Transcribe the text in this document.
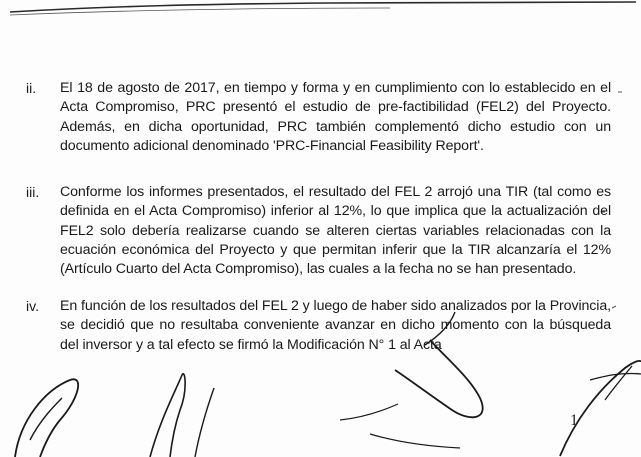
ii.	El 18 de agosto de 2017, en tiempo y forma y en cumplimiento con lo establecido en el Acta Compromiso, PRC presentó el estudio de pre-factibilidad (FEL2) del Proyecto. Además, en dicha oportunidad, PRC también complementó dicho estudio con un documento adicional denominado 'PRC-Financial Feasibility Report'.
iii.	Conforme los informes presentados, el resultado del FEL 2 arrojó una TIR (tal como es definida en el Acta Compromiso) inferior al 12%, lo que implica que la actualización del FEL2 solo debería realizarse cuando se alteren ciertas variables relacionadas con la ecuación económica del Proyecto y que permitan inferir que la TIR alcanzaría el 12% (Artículo Cuarto del Acta Compromiso), las cuales a la fecha no se han presentado.
iv.	En función de los resultados del FEL 2 y luego de haber sido analizados por la Provincia, se decidió que no resultaba conveniente avanzar en dicho momento con la búsqueda del inversor y a tal efecto se firmó la Modificación N° 1 al Acta
1
